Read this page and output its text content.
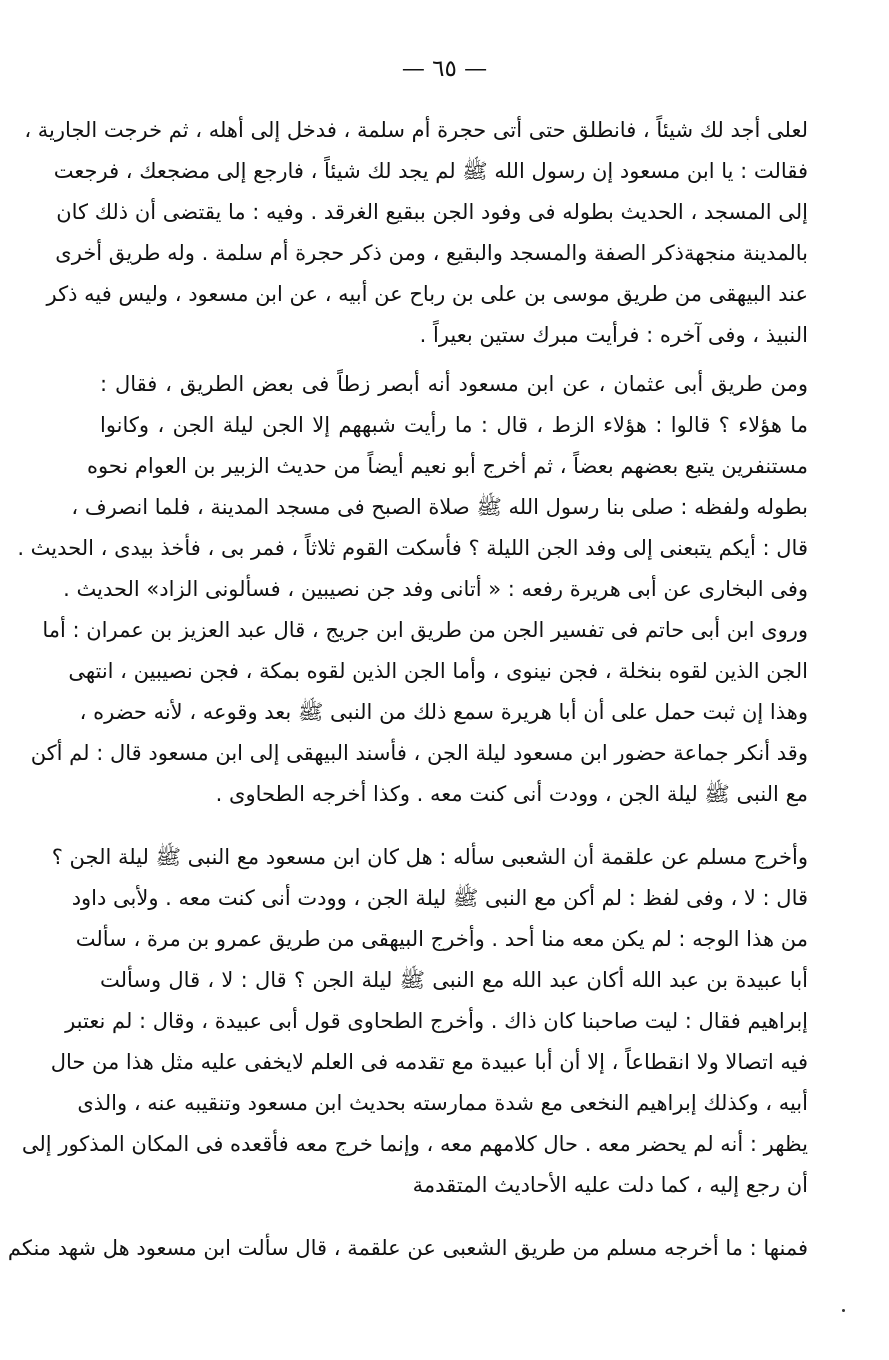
— ٦٥ —
لعلى أجد لك شيئاً ، فانطلق حتى أتى حجرة أم سلمة ، فدخل إلى أهله ، ثم خرجت الجارية ،
فقالت : يا ابن مسعود إن رسول الله ﷺ لم يجد لك شيئاً ، فارجع إلى مضجعك ، فرجعت
إلى المسجد ، الحديث بطوله فى وفود الجن ببقيع الغرقد . وفيه : ما يقتضى أن ذلك كان
بالمدينة منجهةذكر الصفة والمسجد والبقيع ، ومن ذكر حجرة أم سلمة . وله طريق أخرى
عند البيهقى من طريق موسى بن على بن رباح عن أبيه ، عن ابن مسعود ، وليس فيه ذكر
النبيذ ، وفى آخره : فرأيت مبرك ستين بعيراً .
ومن طريق أبى عثمان ، عن ابن مسعود أنه أبصر زطاً فى بعض الطريق ، فقال :
ما هؤلاء ؟ قالوا : هؤلاء الزط ، قال : ما رأيت شبههم إلا الجن ليلة الجن ، وكانوا
مستنفرين يتبع بعضهم بعضاً ، ثم أخرج أبو نعيم أيضاً من حديث الزبير بن العوام نحوه
بطوله ولفظه : صلى بنا رسول الله ﷺ صلاة الصبح فى مسجد المدينة ، فلما انصرف ،
قال : أيكم يتبعنى إلى وفد الجن الليلة ؟ فأسكت القوم ثلاثاً ، فمر بى ، فأخذ بيدى ، الحديث .
وفى البخارى عن أبى هريرة رفعه : « أتانى وفد جن نصيبين ، فسألونى الزاد» الحديث .
وروى ابن أبى حاتم فى تفسير الجن من طريق ابن جريج ، قال عبد العزيز بن عمران : أما
الجن الذين لقوه بنخلة ، فجن نينوى ، وأما الجن الذين لقوه بمكة ، فجن نصيبين ، انتهى
وهذا إن ثبت حمل على أن أبا هريرة سمع ذلك من النبى ﷺ بعد وقوعه ، لأنه حضره ،
وقد أنكر جماعة حضور ابن مسعود ليلة الجن ، فأسند البيهقى إلى ابن مسعود قال : لم أكن
مع النبى ﷺ ليلة الجن ، وودت أنى كنت معه . وكذا أخرجه الطحاوى .
وأخرج مسلم عن علقمة أن الشعبى سأله : هل كان ابن مسعود مع النبى ﷺ ليلة الجن ؟
قال : لا ، وفى لفظ : لم أكن مع النبى ﷺ ليلة الجن ، وودت أنى كنت معه . ولأبى داود
من هذا الوجه : لم يكن معه منا أحد . وأخرج البيهقى من طريق عمرو بن مرة ، سألت
أبا عبيدة بن عبد الله أكان عبد الله مع النبى ﷺ ليلة الجن ؟ قال : لا ، قال وسألت
إبراهيم فقال : ليت صاحبنا كان ذاك . وأخرج الطحاوى قول أبى عبيدة ، وقال : لم نعتبر
فيه اتصالا ولا انقطاعاً ، إلا أن أبا عبيدة مع تقدمه فى العلم لايخفى عليه مثل هذا من حال
أبيه ، وكذلك إبراهيم النخعى مع شدة ممارسته بحديث ابن مسعود وتنقيبه عنه ، والذى
يظهر : أنه لم يحضر معه . حال كلامهم معه ، وإنما خرج معه فأقعده فى المكان المذكور إلى
أن رجع إليه ، كما دلت عليه الأحاديث المتقدمة
فمنها : ما أخرجه مسلم من طريق الشعبى عن علقمة ، قال سألت ابن مسعود هل شهد منكم
